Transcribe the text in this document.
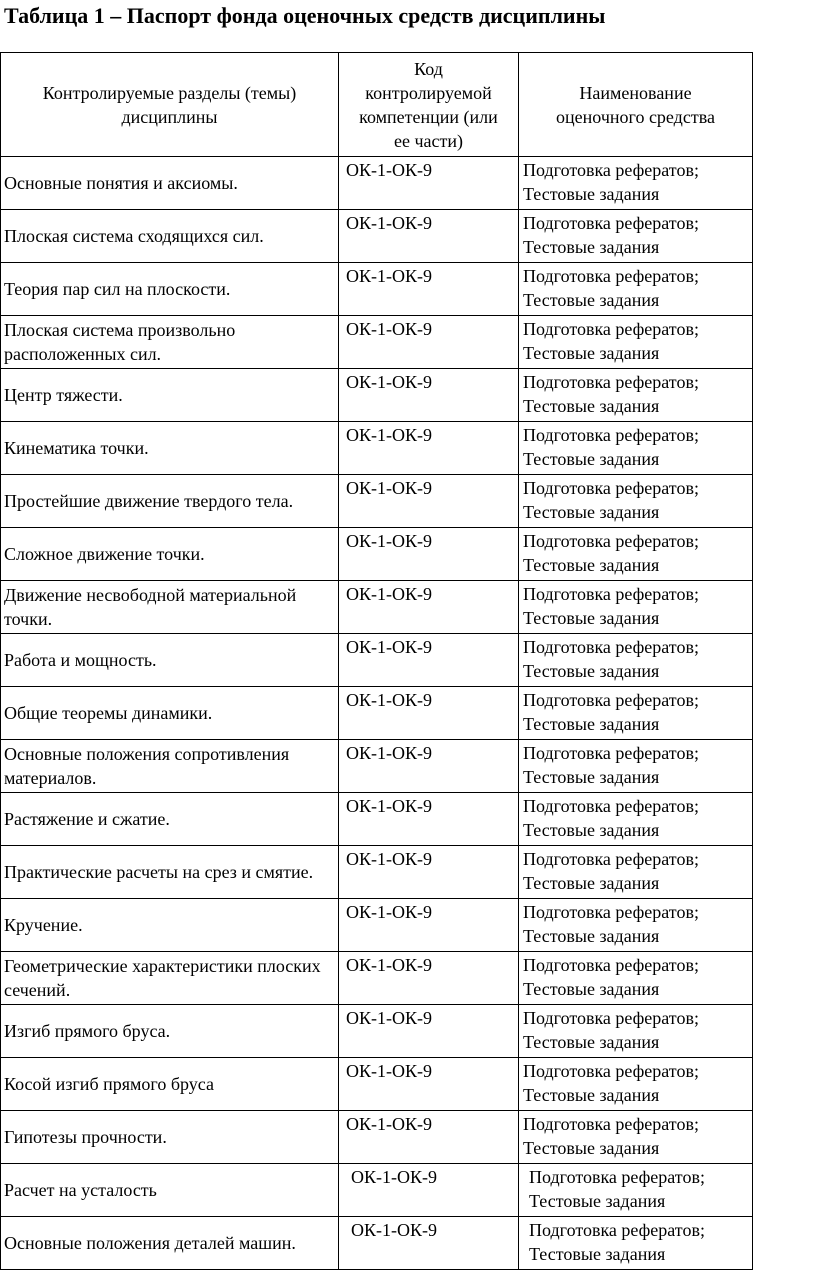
Таблица 1 – Паспорт фонда оценочных средств дисциплины
Контролируемые разделы (темы) дисциплины	Код контролируемой компетенции (или ее части)	Наименование оценочного средства
Основные понятия и аксиомы.	ОК-1-ОК-9	Подготовка рефератов;
Тестовые задания

Плоская система сходящихся сил.	ОК-1-ОК-9	Подготовка рефератов;
Тестовые задания

Теория пар сил на плоскости.	ОК-1-ОК-9	Подготовка рефератов;
Тестовые задания

Плоская система произвольно расположенных сил.	ОК-1-ОК-9	Подготовка рефератов;
Тестовые задания

Центр тяжести.	ОК-1-ОК-9	Подготовка рефератов;
Тестовые задания

Кинематика точки.	ОК-1-ОК-9	Подготовка рефератов;
Тестовые задания

Простейшие движение твердого тела.	ОК-1-ОК-9	Подготовка рефератов;
Тестовые задания

Сложное движение точки.	ОК-1-ОК-9	Подготовка рефератов;
Тестовые задания

Движение несвободной материальной точки.	ОК-1-ОК-9	Подготовка рефератов;
Тестовые задания

Работа и мощность.	ОК-1-ОК-9	Подготовка рефератов;
Тестовые задания

Общие теоремы динамики.	ОК-1-ОК-9	Подготовка рефератов;
Тестовые задания

Основные положения сопротивления материалов.	ОК-1-ОК-9	Подготовка рефератов;
Тестовые задания

Растяжение и сжатие.	ОК-1-ОК-9	Подготовка рефератов;
Тестовые задания

Практические расчеты на срез и смятие.	ОК-1-ОК-9	Подготовка рефератов;
Тестовые задания

Кручение.	ОК-1-ОК-9	Подготовка рефератов;
Тестовые задания

Геометрические характеристики плоских сечений.	ОК-1-ОК-9	Подготовка рефератов;
Тестовые задания

Изгиб прямого бруса.	ОК-1-ОК-9	Подготовка рефератов;
Тестовые задания

Косой изгиб прямого бруса	ОК-1-ОК-9	Подготовка рефератов;
Тестовые задания

Гипотезы прочности.	ОК-1-ОК-9	Подготовка рефератов;
Тестовые задания

Расчет на усталость	ОК-1-ОК-9	Подготовка рефератов;
Тестовые задания

Основные положения деталей машин.	ОК-1-ОК-9	Подготовка рефератов;
Тестовые задания
